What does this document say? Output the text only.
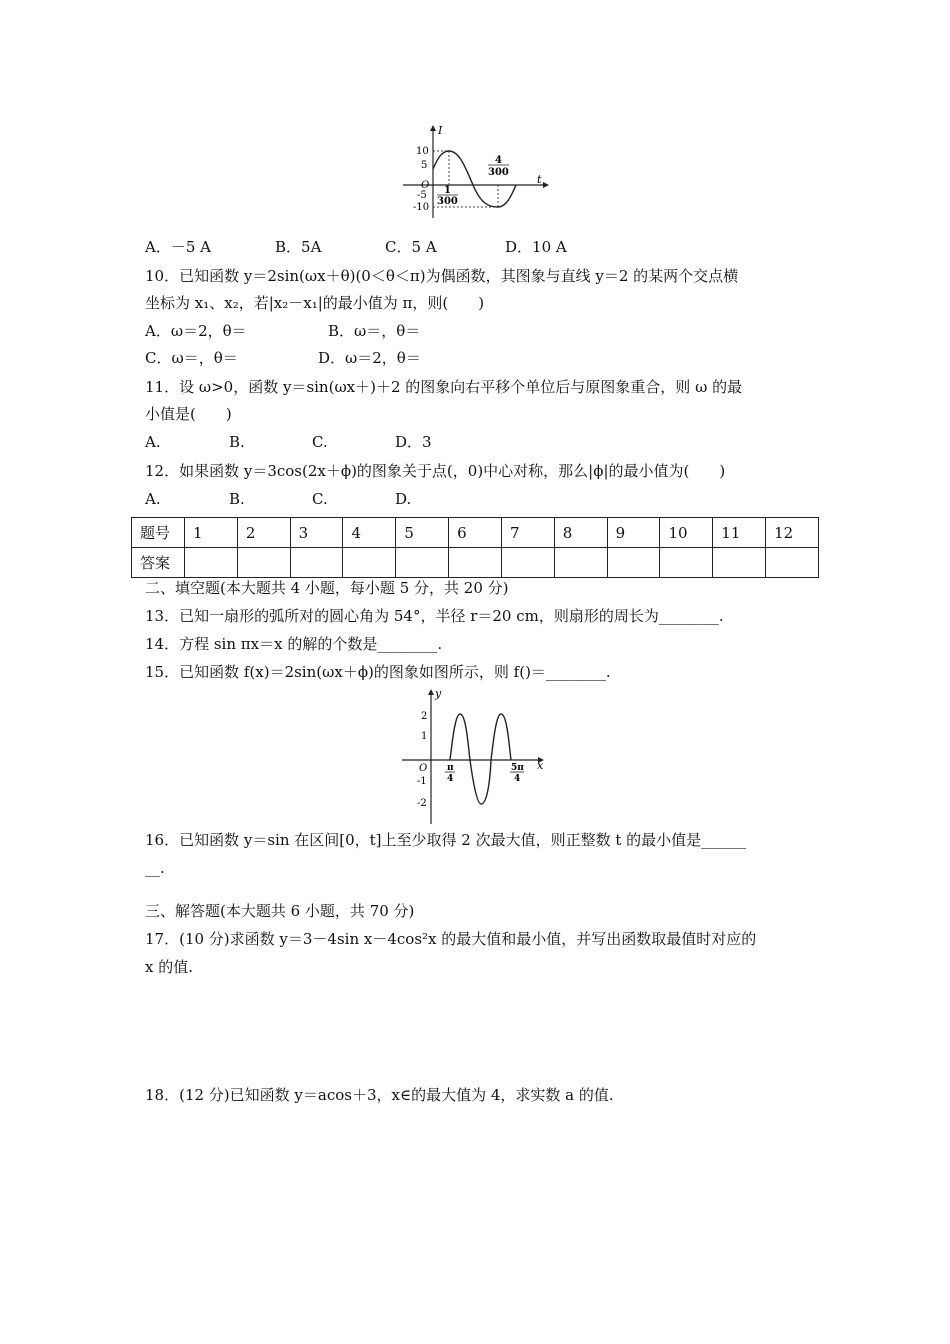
I
t
O
10
5
-5
-10
1
300
4
300
A．－5 A	B．5A	C．5 A	D．10 A
10．已知函数 y＝2sin(ωx＋θ)(0＜θ＜π)为偶函数，其图象与直线 y＝2 的某两个交点横
坐标为 x₁、x₂，若|x₂－x₁|的最小值为 π，则(　　)
A．ω＝2，θ＝	B．ω＝，θ＝
C．ω＝，θ＝	D．ω＝2，θ＝
11．设 ω>0，函数 y＝sin(ωx＋)＋2 的图象向右平移个单位后与原图象重合，则 ω 的最
小值是(　　)
A.	B.	C.	D．3
12．如果函数 y＝3cos(2x＋ϕ)的图象关于点(，0)中心对称，那么|ϕ|的最小值为(　　)
A.	B.	C.	D.
题号	1	2	3	4	5	6	7	8	9	10	11	12
答案												
二、填空题(本大题共 4 小题，每小题 5 分，共 20 分)
13．已知一扇形的弧所对的圆心角为 54°，半径 r＝20 cm，则扇形的周长为________.
14．方程 sin πx＝x 的解的个数是________.
15．已知函数 f(x)＝2sin(ωx＋ϕ)的图象如图所示，则 f()＝________.
y
x
O
2
1
-1
-2
π
4
5π
4
16．已知函数 y＝sin 在区间[0，t]上至少取得 2 次最大值，则正整数 t 的最小值是______
__.
三、解答题(本大题共 6 小题，共 70 分)
17．(10 分)求函数 y＝3－4sin x－4cos²x 的最大值和最小值，并写出函数取最值时对应的
x 的值.
18．(12 分)已知函数 y＝acos＋3，x∈的最大值为 4，求实数 a 的值.
